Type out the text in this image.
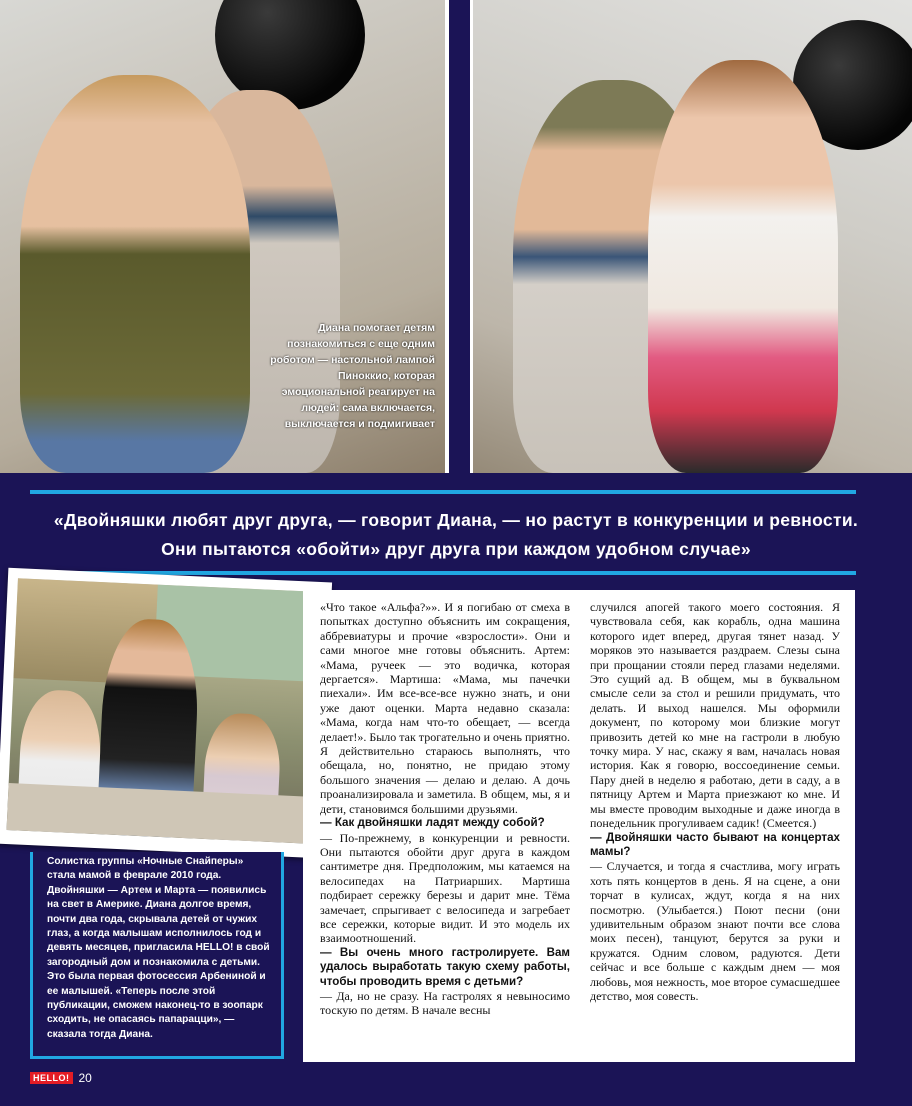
Диана помогает детям познакомиться с еще одним роботом — настольной лампой Пиноккио, которая эмоциональной реагирует на людей: сама включается, выключается и подмигивает
«Двойняшки любят друг друга, — говорит Диана, — но растут в конкуренции и ревности. Они пытаются «обойти» друг друга при каждом удобном случае»
Солистка группы «Ночные Снайперы» стала мамой в феврале 2010 года. Двойняшки — Артем и Марта — появились на свет в Америке. Диана долгое время, почти два года, скрывала детей от чужих глаз, а когда малышам исполнилось год и девять месяцев, пригласила HELLO! в свой загородный дом и познакомила с детьми. Это была первая фотосессия Арбениной и ее малышей. «Теперь после этой публикации, сможем наконец-то в зоопарк сходить, не опасаясь папарацци», — сказала тогда Диана.

«Что такое «Альфа?»». И я погибаю от смеха в попытках доступно объяснить им сокращения, аббревиатуры и прочие «взрослости». Они и сами многое мне готовы объяснить. Артем: «Мама, ручеек — это водичка, которая дергается». Мартиша: «Мама, мы пачечки пиехали». Им все-все-все нужно знать, и они уже дают оценки. Марта недавно сказала: «Мама, когда нам что-то обещает, — всегда делает!». Было так трогательно и очень приятно. Я действительно стараюсь выполнять, что обещала, но, понятно, не придаю этому большого значения — делаю и делаю. А дочь проанализировала и заметила. В общем, мы, я и дети, становимся большими друзьями.

— Как двойняшки ладят между собой?

— По-прежнему, в конкуренции и ревности. Они пытаются обойти друг друга в каждом сантиметре дня. Предположим, мы катаемся на велосипедах на Патриарших. Мартиша подбирает сережку березы и дарит мне. Тёма замечает, спрыгивает с велосипеда и загребает все сережки, которые видит. И это модель их взаимоотношений.

— Вы очень много гастролируете. Вам удалось выработать такую схему работы, чтобы проводить время с детьми?

— Да, но не сразу. На гастролях я невыносимо тоскую по детям. В начале весны

случился апогей такого моего состояния. Я чувствовала себя, как корабль, одна машина которого идет вперед, другая тянет назад. У моряков это называется раздраем. Слезы сына при прощании стояли перед глазами неделями. Это сущий ад. В общем, мы в буквальном смысле сели за стол и решили придумать, что делать. И выход нашелся. Мы оформили документ, по которому мои близкие могут привозить детей ко мне на гастроли в любую точку мира. У нас, скажу я вам, началась новая история. Как я говорю, воссоединение семьи. Пару дней в неделю я работаю, дети в саду, а в пятницу Артем и Марта приезжают ко мне. И мы вместе проводим выходные и даже иногда в понедельник прогуливаем садик! (Смеется.)

— Двойняшки часто бывают на концертах мамы?

— Случается, и тогда я счастлива, могу играть хоть пять концертов в день. Я на сцене, а они торчат в кулисах, ждут, когда я на них посмотрю. (Улыбается.) Поют песни (они удивительным образом знают почти все слова моих песен), танцуют, берутся за руки и кружатся. Одним словом, радуются. Дети сейчас и все больше с каждым днем — моя любовь, моя нежность, мое второе сумасшедшее детство, моя совесть.

HELLO! 20
